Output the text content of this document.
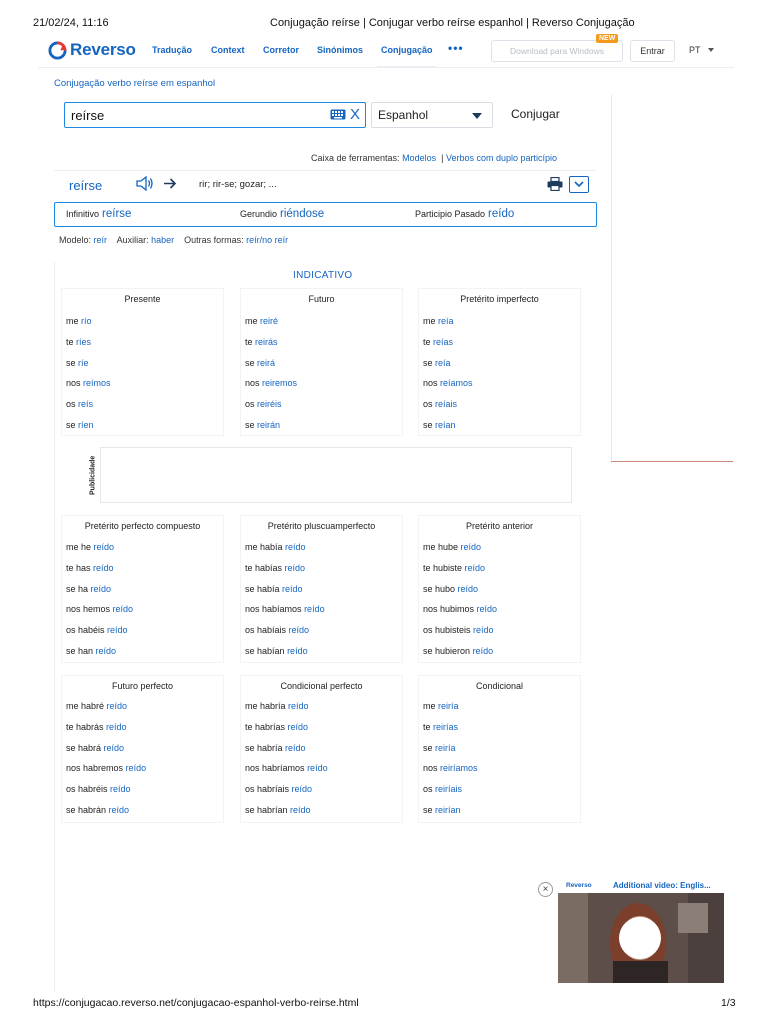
21/02/24, 11:16	Conjugação reírse | Conjugar verbo reírse espanhol | Reverso Conjugação
Reverso Tradução Context Corretor Sinónimos Conjugação •••	Download para Windows
NEW
Entrar	PT
Conjugação verbo reírse em espanhol
reírse	X	Espanhol	Conjugar
Caixa de ferramentas: Modelos | Verbos com duplo particípio
reírse	rir; rir-se; gozar; ...
Infinitivo reírse	Gerundio riéndose	Participio Pasado reído
Modelo: reír Auxiliar: haber Outras formas: reír/no reír
INDICATIVO
Presente
me río
te ríes
se ríe
nos reímos
os reís
se ríen
Futuro
me reiré
te reirás
se reirá
nos reiremos
os reiréis
se reirán
Pretérito imperfecto
me reía
te reías
se reía
nos reíamos
os reíais
se reían
Pretérito perfecto compuesto
me he reído
te has reído
se ha reído
nos hemos reído
os habéis reído
se han reído
Pretérito pluscuamperfecto
me había reído
te habías reído
se había reído
nos habíamos reído
os habíais reído
se habían reído
Pretérito anterior
me hube reído
te hubiste reído
se hubo reído
nos hubimos reído
os hubisteis reído
se hubieron reído
Futuro perfecto
me habré reído
te habrás reído
se habrá reído
nos habremos reído
os habréis reído
se habrán reído
Condicional perfecto
me habría reído
te habrías reído
se habría reído
nos habríamos reído
os habríais reído
se habrían reído
Condicional
me reiría
te reirías
se reiría
nos reiríamos
os reiríais
se reirían
Publicidade
×	Reverso	Additional video: Englis...
https://conjugacao.reverso.net/conjugacao-espanhol-verbo-reirse.html	1/3
